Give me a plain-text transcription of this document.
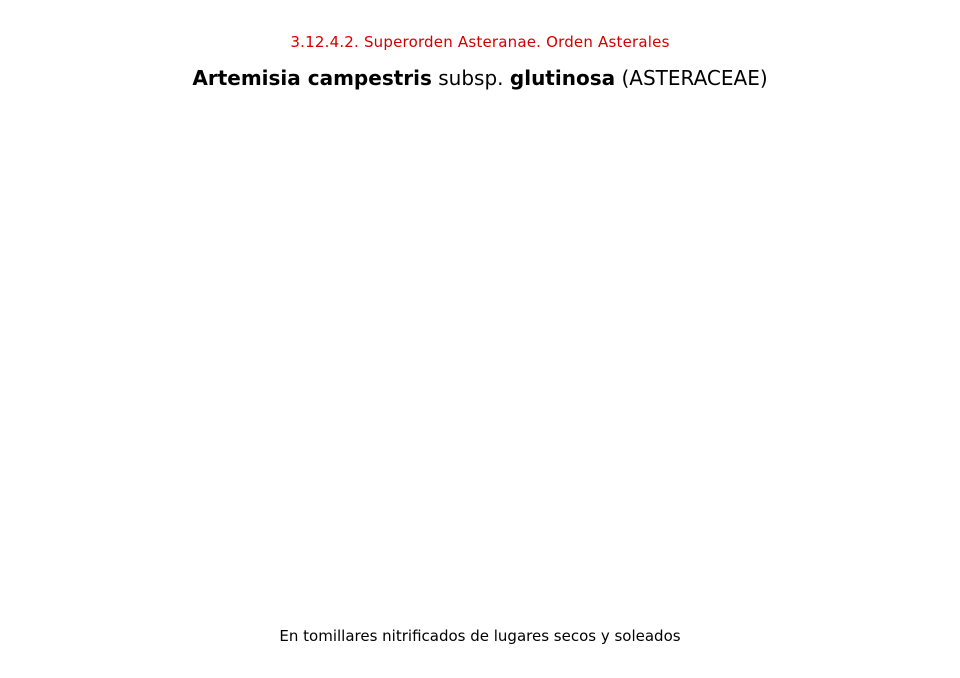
3.12.4.2. Superorden Asteranae. Orden Asterales
Artemisia campestris subsp. glutinosa (ASTERACEAE)
En tomillares nitrificados de lugares secos y soleados
